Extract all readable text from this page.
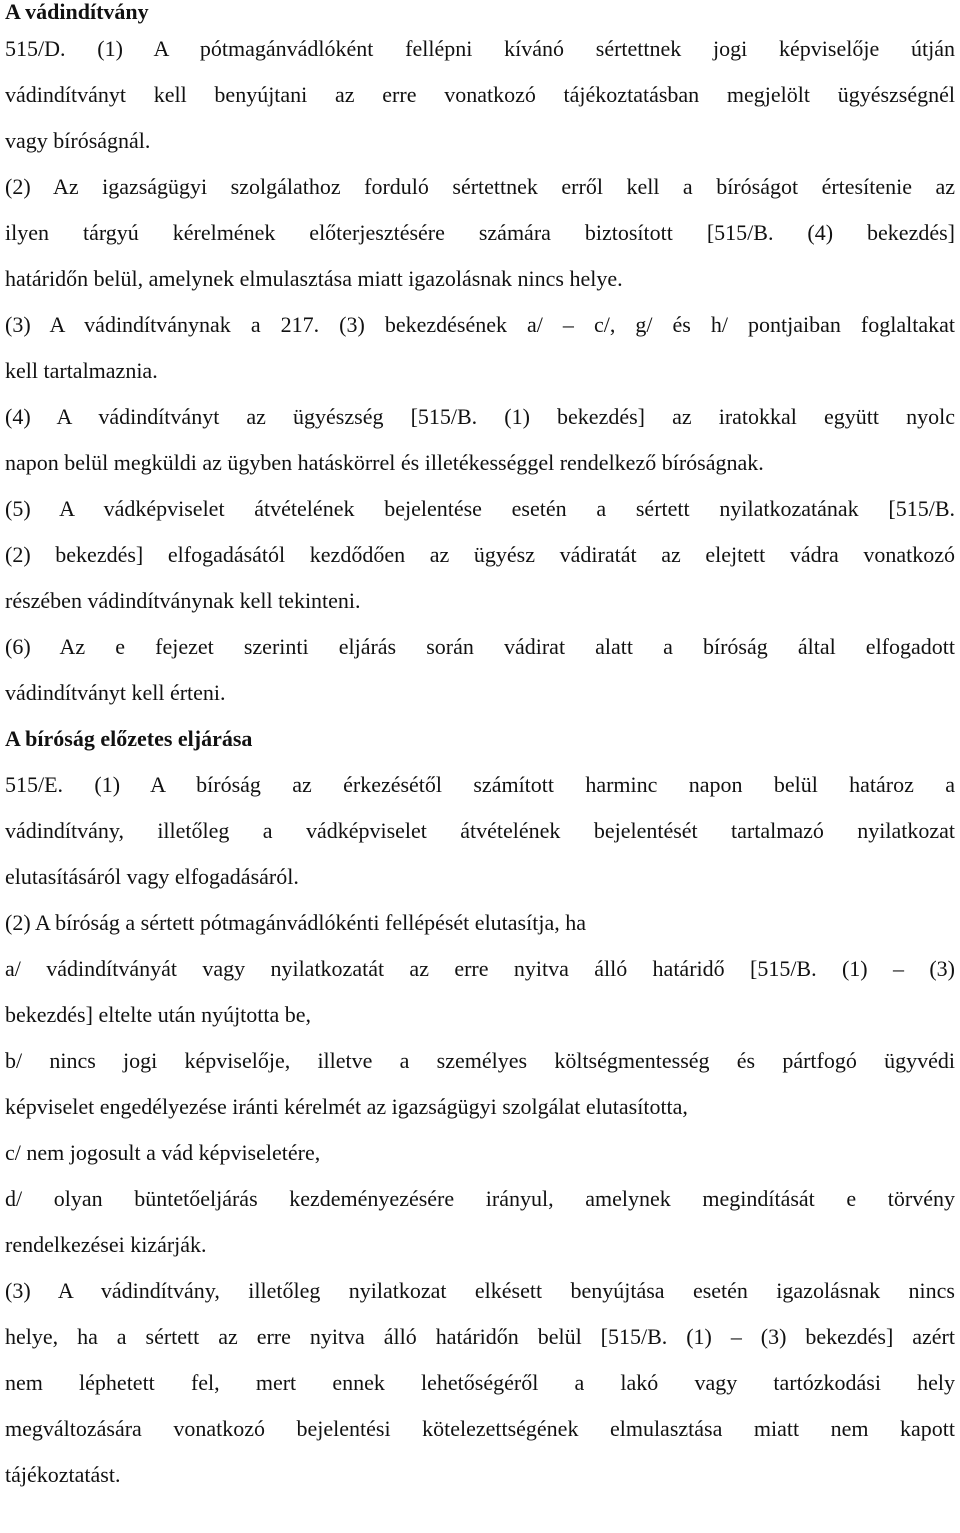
A vádindítvány
515/D. (1) A pótmagánvádlóként fellépni kívánó sértettnek jogi képviselője útján
vádindítványt kell benyújtani az erre vonatkozó tájékoztatásban megjelölt ügyészségnél
vagy bíróságnál.
(2) Az igazságügyi szolgálathoz forduló sértettnek erről kell a bíróságot értesítenie az
ilyen tárgyú kérelmének előterjesztésére számára biztosított [515/B. (4) bekezdés]
határidőn belül, amelynek elmulasztása miatt igazolásnak nincs helye.
(3) A vádindítványnak a 217. (3) bekezdésének a/ ‒ c/, g/ és h/ pontjaiban foglaltakat
kell tartalmaznia.
(4) A vádindítványt az ügyészség [515/B. (1) bekezdés] az iratokkal együtt nyolc
napon belül megküldi az ügyben hatáskörrel és illetékességgel rendelkező bíróságnak.
(5) A vádképviselet átvételének bejelentése esetén a sértett nyilatkozatának [515/B.
(2) bekezdés] elfogadásától kezdődően az ügyész vádiratát az elejtett vádra vonatkozó
részében vádindítványnak kell tekinteni.
(6) Az e fejezet szerinti eljárás során vádirat alatt a bíróság által elfogadott
vádindítványt kell érteni.
A bíróság előzetes eljárása
515/E. (1) A bíróság az érkezésétől számított harminc napon belül határoz a
vádindítvány, illetőleg a vádképviselet átvételének bejelentését tartalmazó nyilatkozat
elutasításáról vagy elfogadásáról.
(2) A bíróság a sértett pótmagánvádlókénti fellépését elutasítja, ha
a/ vádindítványát vagy nyilatkozatát az erre nyitva álló határidő [515/B. (1) ‒ (3)
bekezdés] eltelte után nyújtotta be,
b/ nincs jogi képviselője, illetve a személyes költségmentesség és pártfogó ügyvédi
képviselet engedélyezése iránti kérelmét az igazságügyi szolgálat elutasította,
c/ nem jogosult a vád képviseletére,
d/ olyan büntetőeljárás kezdeményezésére irányul, amelynek megindítását e törvény
rendelkezései kizárják.
(3) A vádindítvány, illetőleg nyilatkozat elkésett benyújtása esetén igazolásnak nincs
helye, ha a sértett az erre nyitva álló határidőn belül [515/B. (1) ‒ (3) bekezdés] azért
nem léphetett fel, mert ennek lehetőségéről a lakó vagy tartózkodási hely
megváltozására vonatkozó bejelentési kötelezettségének elmulasztása miatt nem kapott
tájékoztatást.
